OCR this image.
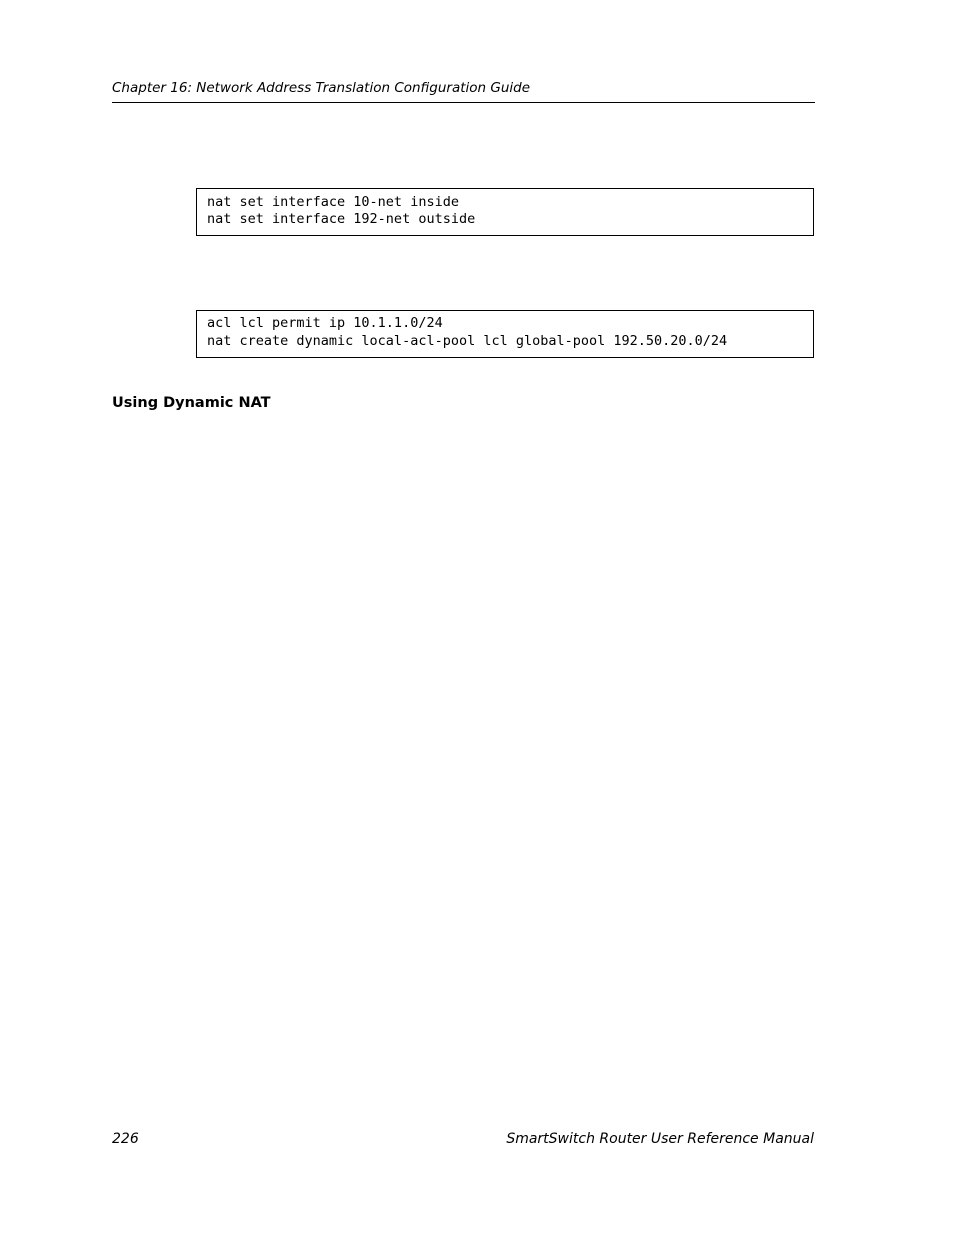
Chapter 16: Network Address Translation Configuration Guide
nat set interface 10-net inside
nat set interface 192-net outside
acl lcl permit ip 10.1.1.0/24
nat create dynamic local-acl-pool lcl global-pool 192.50.20.0/24
Using Dynamic NAT
226	SmartSwitch Router User Reference Manual
